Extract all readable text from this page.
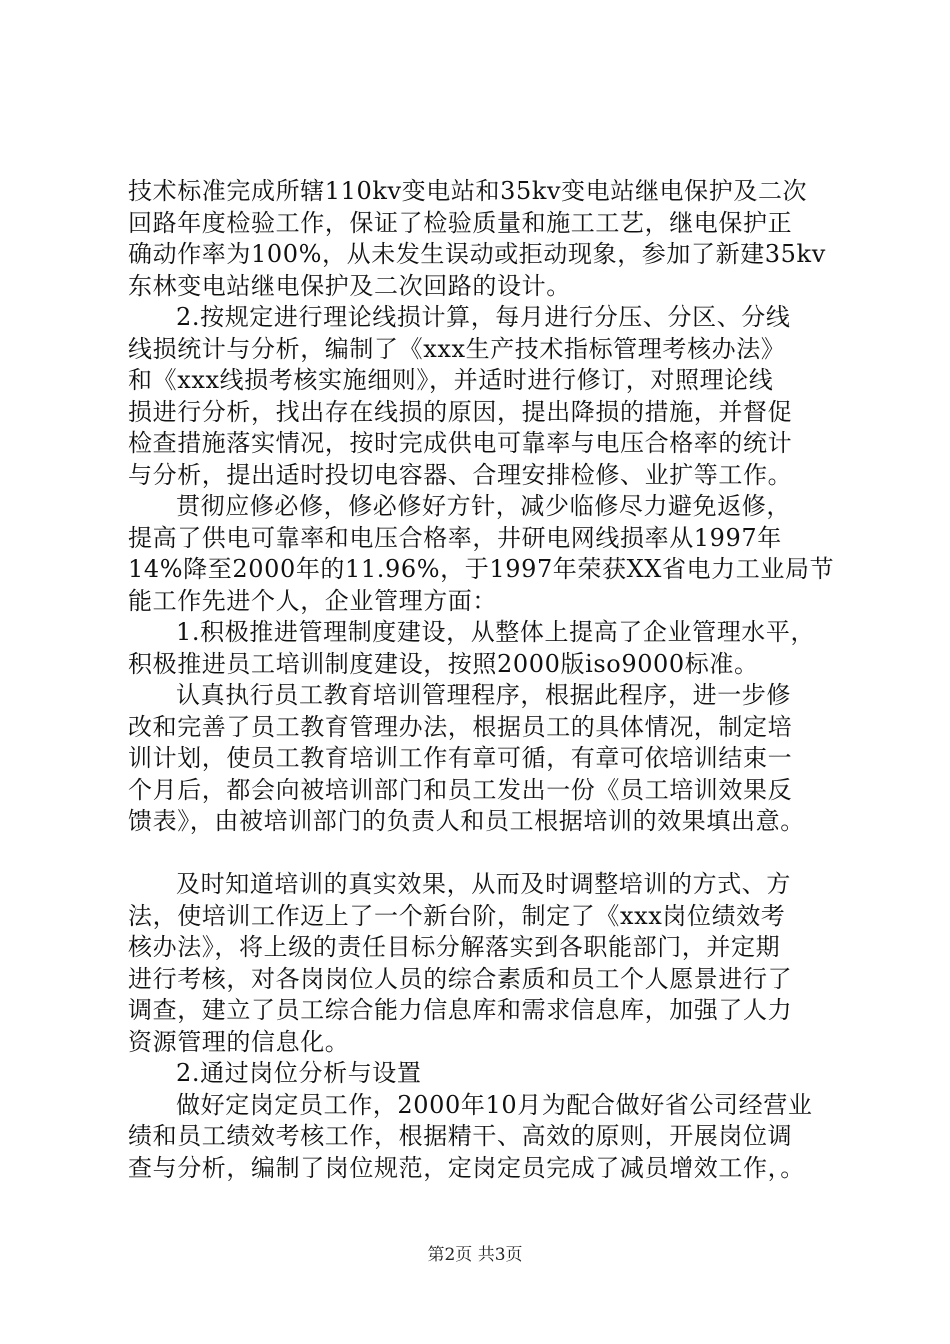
技术标准完成所辖110kv变电站和35kv变电站继电保护及二次
回路年度检验工作，保证了检验质量和施工工艺，继电保护正
确动作率为100%，从未发生误动或拒动现象，参加了新建35kv
东林变电站继电保护及二次回路的设计。
2.按规定进行理论线损计算，每月进行分压、分区、分线
线损统计与分析，编制了《xxx生产技术指标管理考核办法》
和《xxx线损考核实施细则》，并适时进行修订，对照理论线
损进行分析，找出存在线损的原因，提出降损的措施，并督促
检查措施落实情况，按时完成供电可靠率与电压合格率的统计
与分析，提出适时投切电容器、合理安排检修、业扩等工作。
贯彻应修必修，修必修好方针，减少临修尽力避免返修，
提高了供电可靠率和电压合格率，井研电网线损率从1997年
14%降至2000年的11.96%，于1997年荣获XX省电力工业局节
能工作先进个人，企业管理方面：
1.积极推进管理制度建设，从整体上提高了企业管理水平，
积极推进员工培训制度建设，按照2000版iso9000标准。
认真执行员工教育培训管理程序，根据此程序，进一步修
改和完善了员工教育管理办法，根据员工的具体情况，制定培
训计划，使员工教育培训工作有章可循，有章可依培训结束一
个月后，都会向被培训部门和员工发出一份《员工培训效果反
馈表》，由被培训部门的负责人和员工根据培训的效果填出意。
及时知道培训的真实效果，从而及时调整培训的方式、方
法，使培训工作迈上了一个新台阶，制定了《xxx岗位绩效考
核办法》，将上级的责任目标分解落实到各职能部门，并定期
进行考核，对各岗岗位人员的综合素质和员工个人愿景进行了
调查，建立了员工综合能力信息库和需求信息库，加强了人力
资源管理的信息化。
2.通过岗位分析与设置
做好定岗定员工作，2000年10月为配合做好省公司经营业
绩和员工绩效考核工作，根据精干、高效的原则，开展岗位调
查与分析，编制了岗位规范，定岗定员完成了减员增效工作，。
第2页 共3页
